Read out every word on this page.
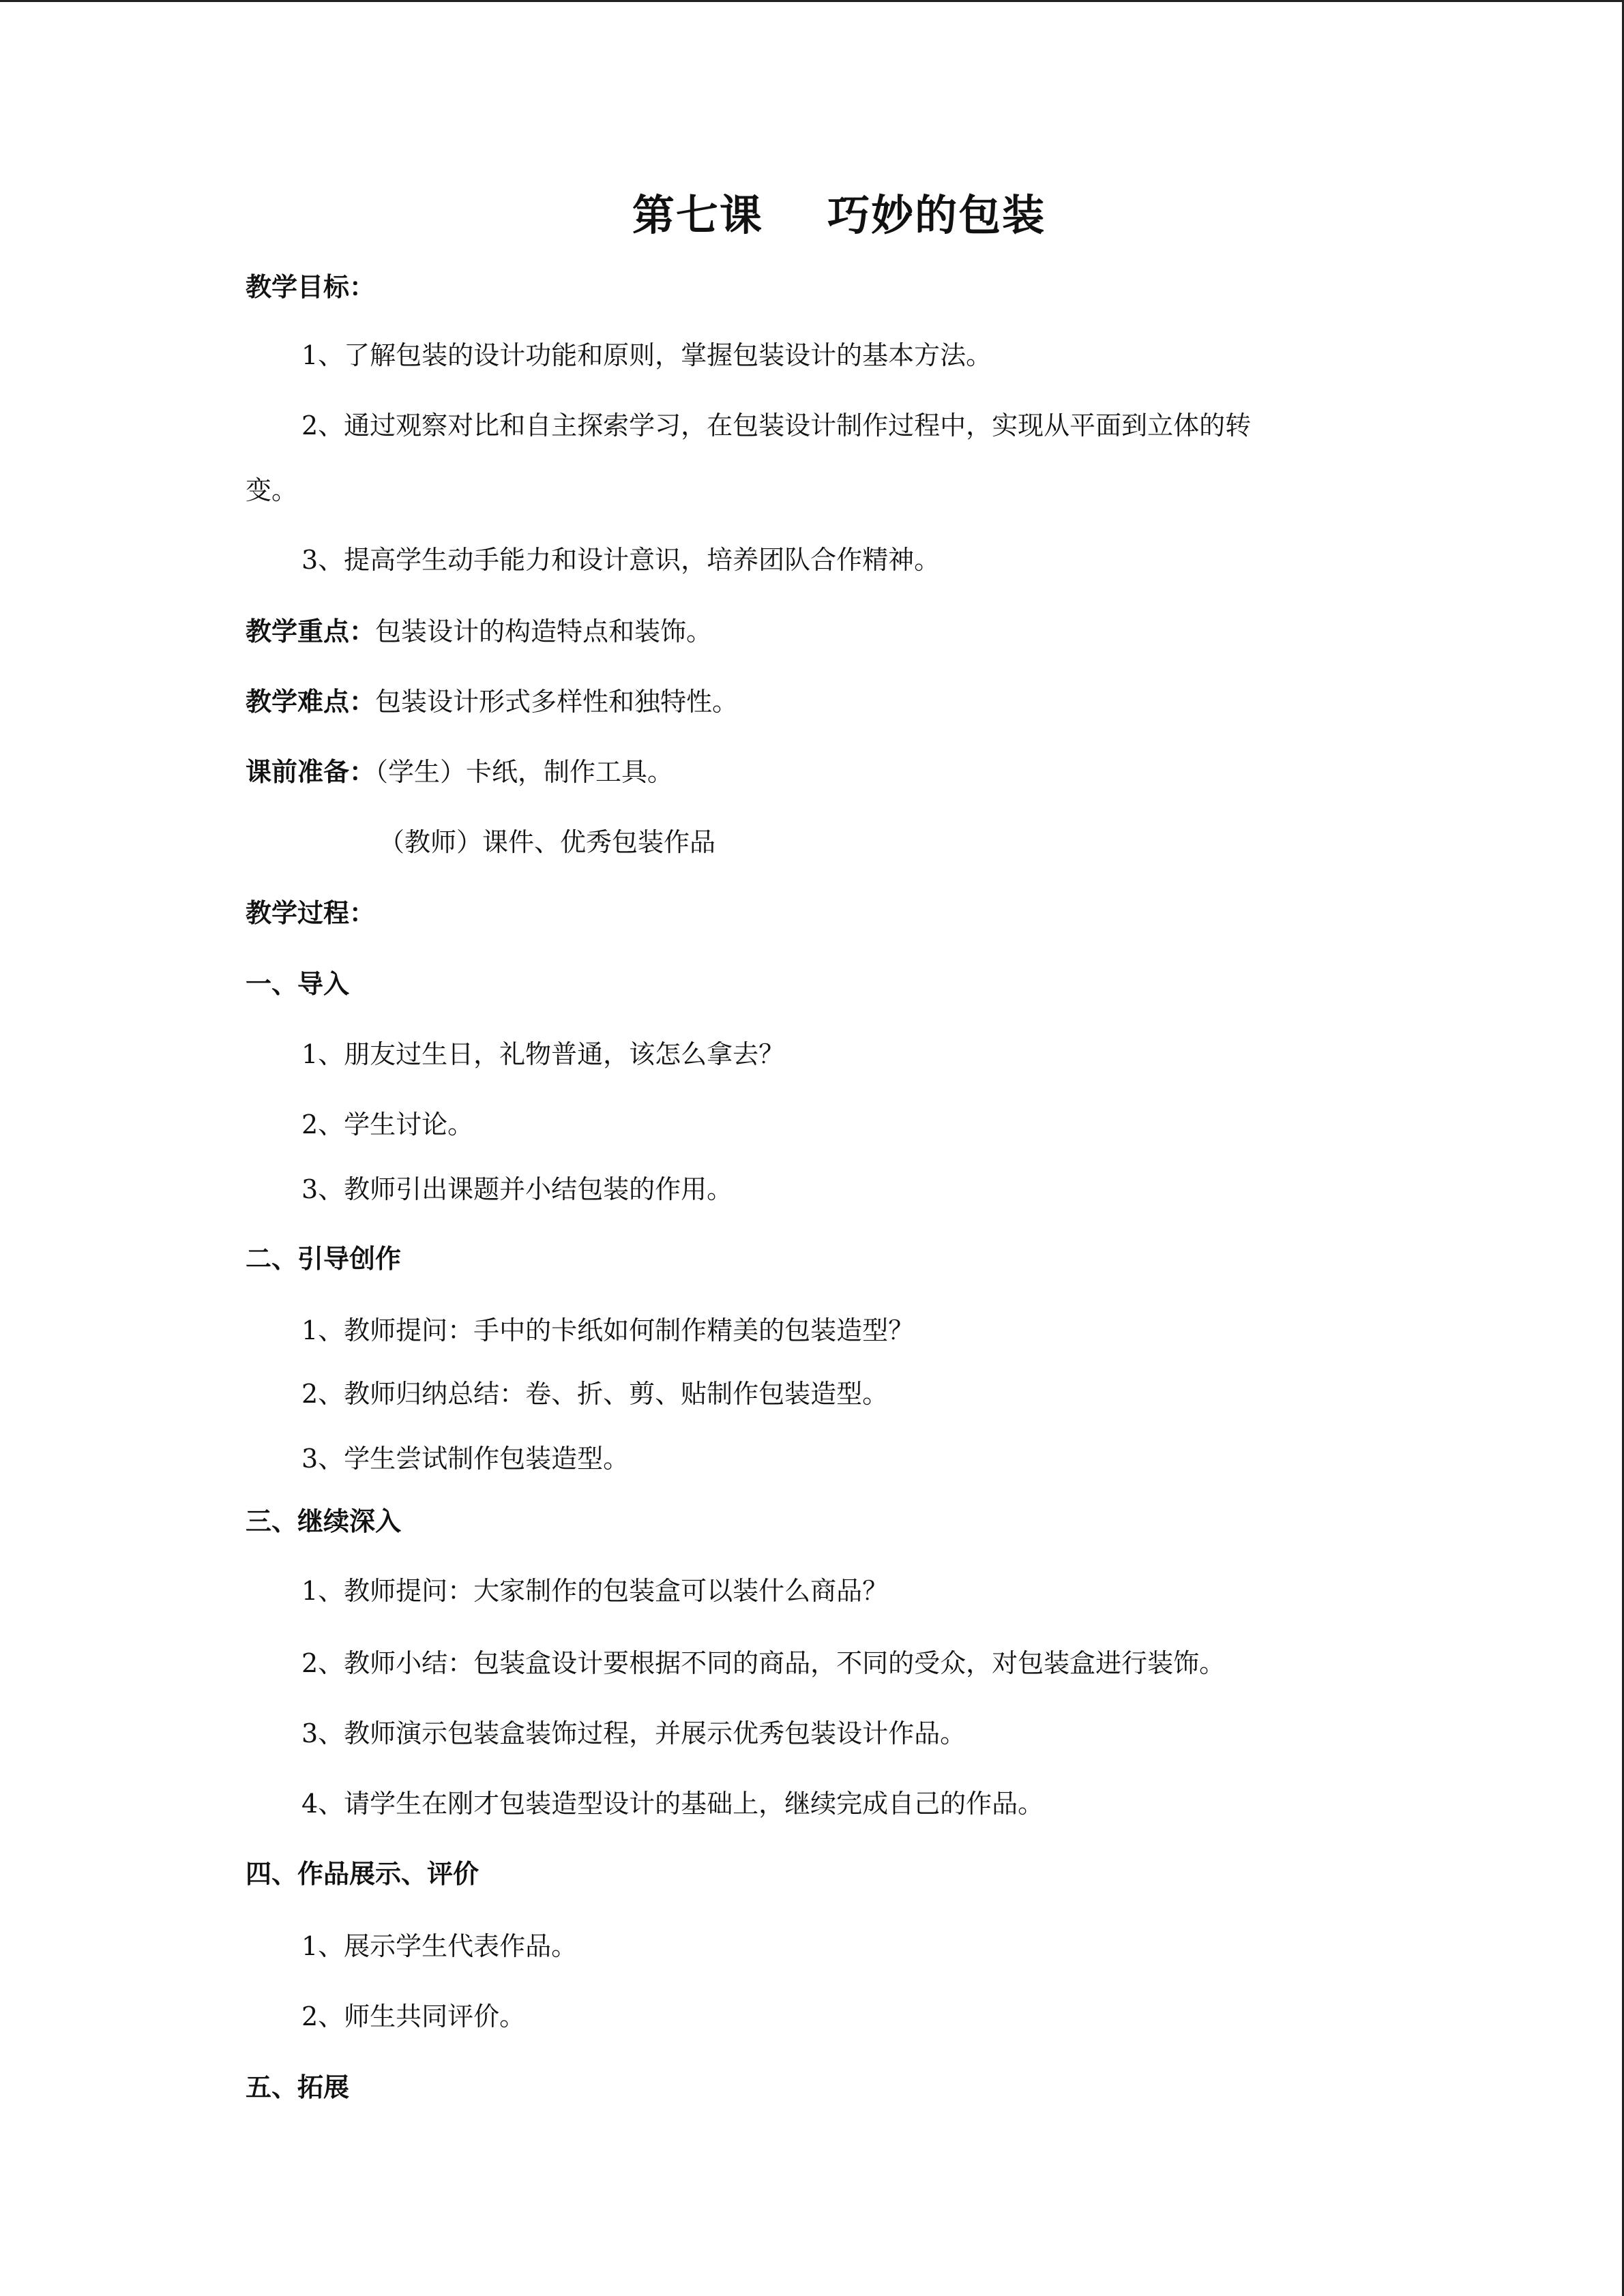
第七课    巧妙的包装
教学目标：
1、了解包装的设计功能和原则，掌握包装设计的基本方法。
2、通过观察对比和自主探索学习，在包装设计制作过程中，实现从平面到立体的转
变。
3、提高学生动手能力和设计意识，培养团队合作精神。
教学重点：包装设计的构造特点和装饰。
教学难点：包装设计形式多样性和独特性。
课前准备：（学生）卡纸，制作工具。
（教师）课件、优秀包装作品
教学过程：
一、导入
1、朋友过生日，礼物普通，该怎么拿去？
2、学生讨论。
3、教师引出课题并小结包装的作用。
二、引导创作
1、教师提问：手中的卡纸如何制作精美的包装造型？
2、教师归纳总结：卷、折、剪、贴制作包装造型。
3、学生尝试制作包装造型。
三、继续深入
1、教师提问：大家制作的包装盒可以装什么商品？
2、教师小结：包装盒设计要根据不同的商品，不同的受众，对包装盒进行装饰。
3、教师演示包装盒装饰过程，并展示优秀包装设计作品。
4、请学生在刚才包装造型设计的基础上，继续完成自己的作品。
四、作品展示、评价
1、展示学生代表作品。
2、师生共同评价。
五、拓展
